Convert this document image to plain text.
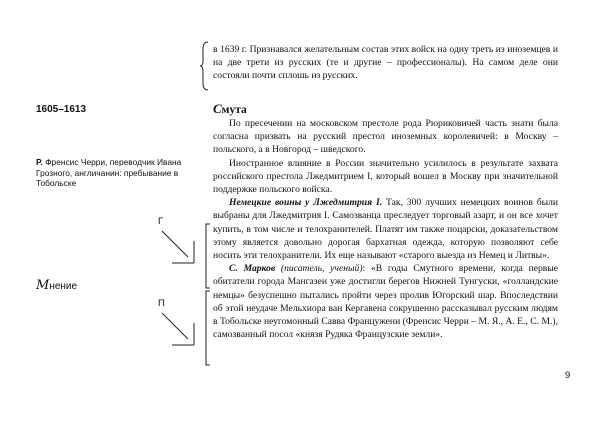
в 1639 г. Признавался желательным состав этих войск на одну треть из иноземцев и на две трети из русских (те и другие – профессионалы). На самом деле они состояли почти сплошь из русских.
1605–1613
P. Френсис Черри, переводчик Ивана Грозного, англичанин: пребывание в Тобольске
Г
Мнение
П
Смута

По пресечении на московском престоле рода Рюриковичей часть знати была согласна призвать на русский престол иноземных королевичей: в Москву – польского, а в Новгород – шведского.

Иностранное влияние в России значительно усилилось в результате захвата российского престола Лжедмитрием I, который вошел в Москву при значительной поддержке польского войска.

Немецкие воины у Лжедмитрия I. Так, 300 лучших немецких воинов были выбраны для Лжедмитрия I. Самозванца преследует торговый азарт, и он все хочет купить, в том числе и телохранителей. Платят им также поцарски, доказательством этому является довольно дорогая бархатная одежда, которую позволяют себе носить эти телохранители. Их еще называют «старого выезда из Немец и Литвы».

С. Марков (писатель, ученый): «В годы Смутного времени, когда первые обитатели города Мангазеи уже достигли берегов Нижней Тунгуски, «голландские немцы» безуспешно пытались пройти через пролив Югорский шар. Впоследствии об этой неудаче Мельхиора ван Кергавена сокрушенно рассказывал русским людям в Тобольске неугомонный Савва Францужени (Френсис Черри – М. Я., А. Е., С. М.), самозванный посол «князя Рудяка Французские земли».

9
